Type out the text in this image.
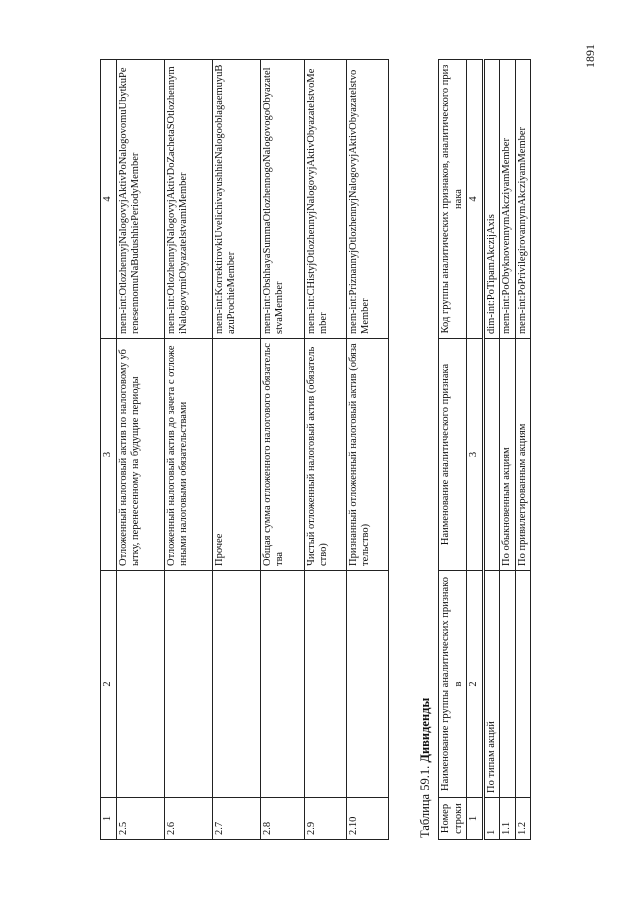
1891
1	2	3	4
2.5		Отложенный налоговый актив по налоговому убытку, перенесенному на будущие периоды	mem-int:OtlozhennyjNalogovyjAktivPoNalogovomuUbytkuPerenesennomuNaBudushhiePeriodyMember
2.6		Отложенный налоговый актив до зачета с отложенными налоговыми обязательствами	mem-int:OtlozhennyjNalogovyjAktivDoZachetaSOtlozhennymiNalogovymiObyazatelstvamiMember
2.7		Прочее	mem-int:KorrektirovkiUvelichivayushhieNalogooblagaemuyuBazuProchieMember
2.8		Общая сумма отложенного налогового обязательства	mem-int:ObshhayaSummaOtlozhennogoNalogovogoObyazatelstvaMember
2.9		Чистый отложенный налоговый актив (обязательство)	mem-int:CHistyjOtlozhennyjNalogovyjAktivObyazatelstvoMember
2.10		Признанный отложенный налоговый актив (обязательство)	mem-int:PriznannyjOtlozhennyjNalogovyjAktivObyazatelstvoMember
Таблица 59.1. Дивиденды
Номер строки	Наименование группы аналитических признаков	Наименование аналитического признака	Код группы аналитических признаков, аналитического признака
1	2	3	4
1	По типам акций		dim-int:PoTipamAkczijAxis
1.1		По обыкновенным акциям	mem-int:PoObyknovennymAkcziyamMember
1.2		По привилегированным акциям	mem-int:PoPrivilegirovannymAkcziyamMember
